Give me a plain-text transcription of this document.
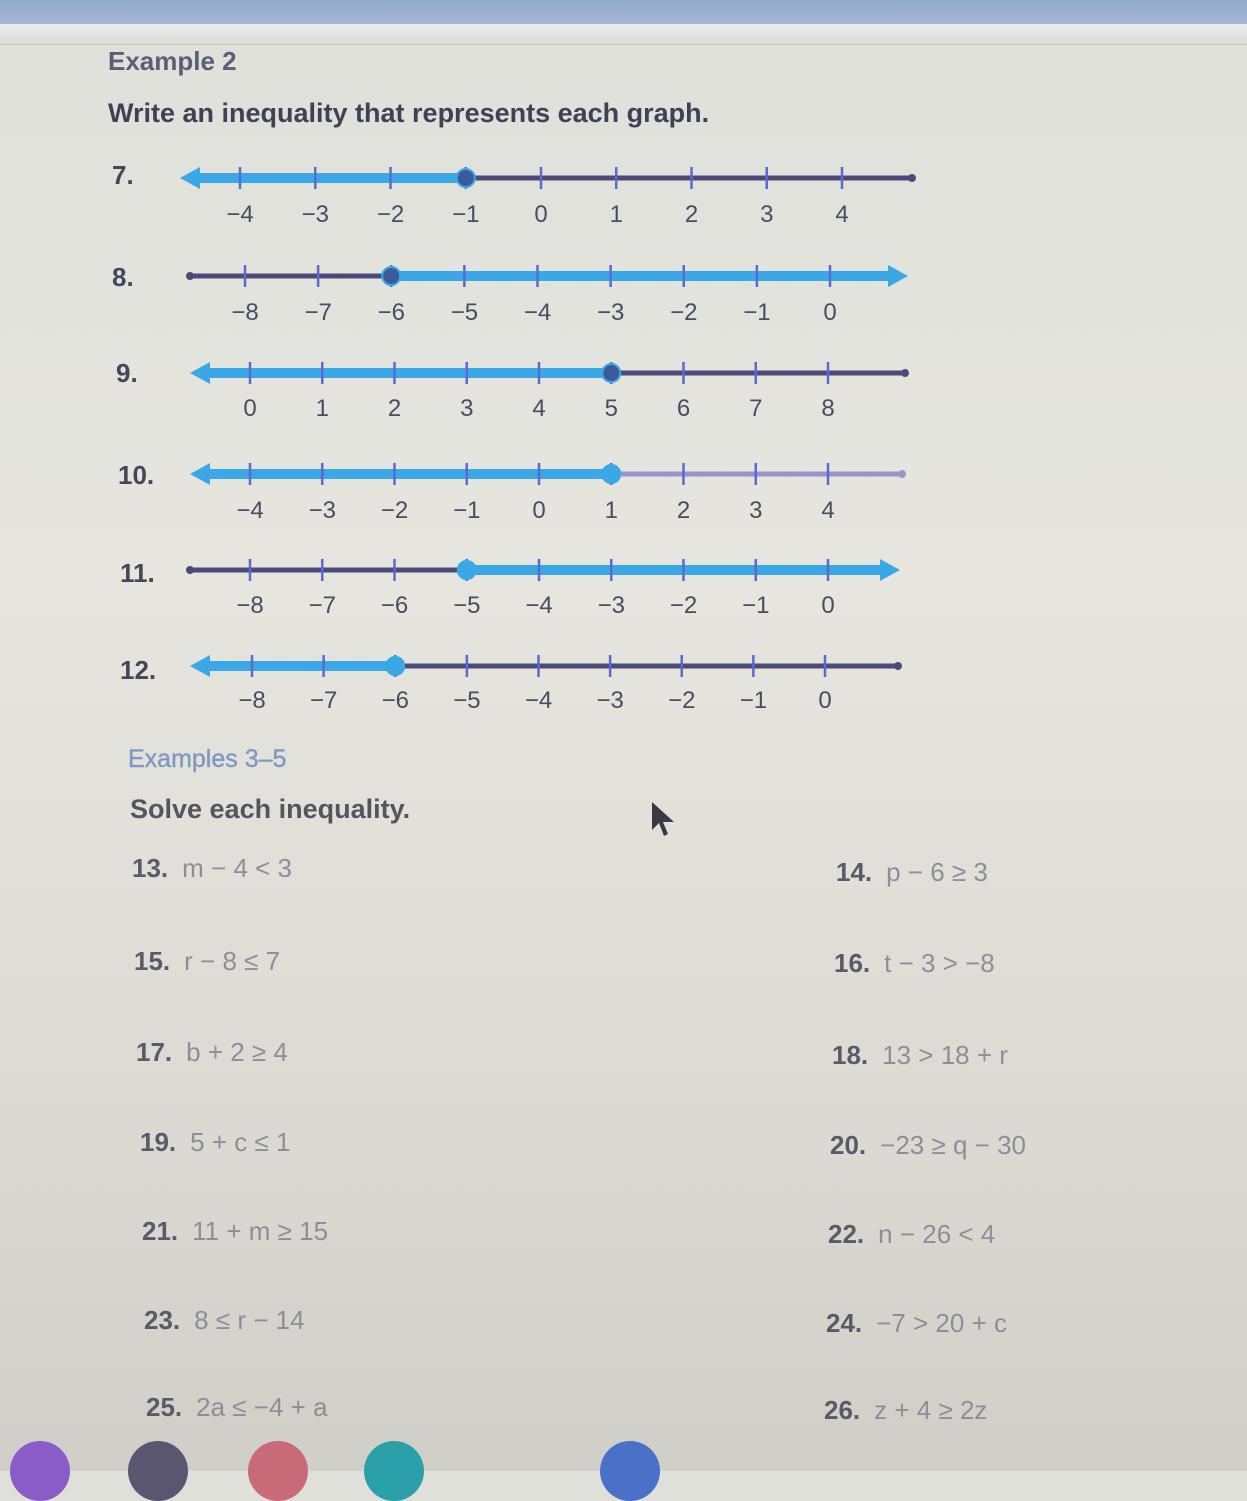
Example 2
Write an inequality that represents each graph.
7.
−4 −3 −2 −1 0	1	2	3	4
8.
−8 −7 −6 −5 −4 −3 −2 −1 0
9.
0 1 2 3 4 5 6 7 8
10.
−4 −3 −2 −1 0 1 2 3 4
11.
−8 −7 −6 −5 −4 −3 −2 −1 0
12.
−8 −7 −6 −5 −4 −3 −2 −1 0
Examples 3–5
Solve each inequality.
13. m − 4 < 3	14. p − 6 ≥ 3
15. r − 8 ≤ 7	16. t − 3 > −8
17. b + 2 ≥ 4	18. 13 > 18 + r
19. 5 + c ≤ 1	20. −23 ≥ q − 30
21. 11 + m ≥ 15	22. n − 26 < 4
23. 8 ≤ r − 14	24. −7 > 20 + c
25. 2a ≤ −4 + a	26. z + 4 ≥ 2z
